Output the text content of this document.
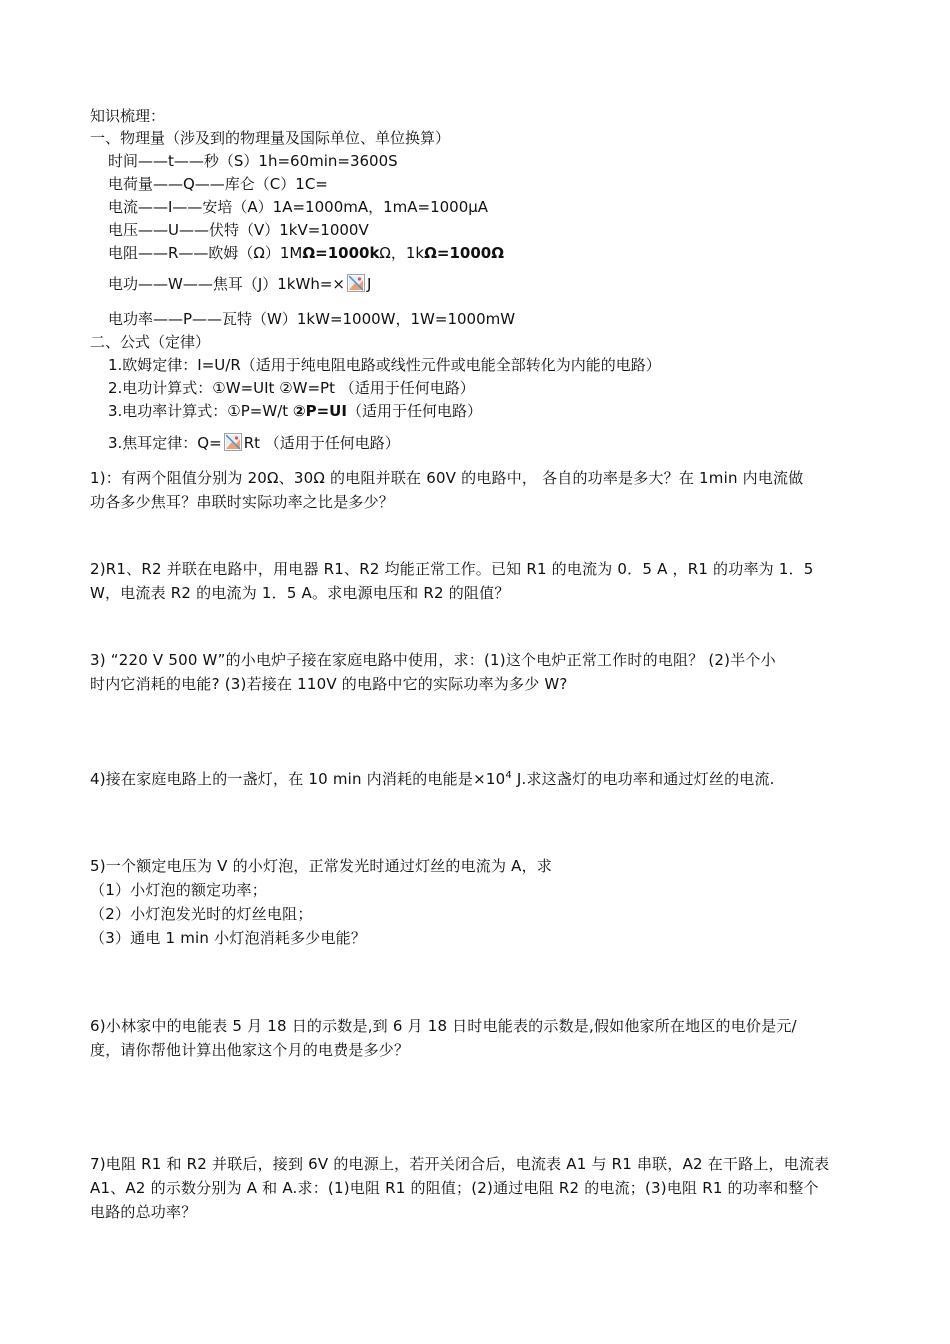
知识梳理：
一、物理量（涉及到的物理量及国际单位、单位换算）
时间——t——秒（S）1h=60min=3600S
电荷量——Q——库仑（C）1C=
电流——I——安培（A）1A=1000mA，1mA=1000μA
电压——U——伏特（V）1kV=1000V
电阻——R——欧姆（Ω）1MΩ=1000kΩ，1kΩ=1000Ω
电功——W——焦耳（J）1kWh=× J
电功率——P——瓦特（W）1kW=1000W，1W=1000mW
二、公式（定律）
1.欧姆定律：I=U/R（适用于纯电阻电路或线性元件或电能全部转化为内能的电路）
2.电功计算式：①W=UIt ②W=Pt （适用于任何电路）
3.电功率计算式：①P=W/t ②P=UI（适用于任何电路）
3.焦耳定律：Q= Rt （适用于任何电路）
1)：有两个阻值分别为 20Ω、30Ω 的电阻并联在 60V 的电路中， 各自的功率是多大？在 1min 内电流做
功各多少焦耳？串联时实际功率之比是多少？
2)R1、R2 并联在电路中，用电器 R1、R2 均能正常工作。已知 R1 的电流为 0．5 A ，R1 的功率为 1．5
W，电流表 R2 的电流为 1．5 A。求电源电压和 R2 的阻值？
3) “220 V 500 W”的小电炉子接在家庭电路中使用，求：(1)这个电炉正常工作时的电阻？ (2)半个小
时内它消耗的电能? (3)若接在 110V 的电路中它的实际功率为多少 W?
4)接在家庭电路上的一盏灯，在 10 min 内消耗的电能是$\times 10^4$ J.求这盏灯的电功率和通过灯丝的电流.
5)一个额定电压为 V 的小灯泡，正常发光时通过灯丝的电流为 A，求
（1）小灯泡的额定功率；
（2）小灯泡发光时的灯丝电阻；
（3）通电 1 min 小灯泡消耗多少电能？
6)小林家中的电能表 5 月 18 日的示数是,到 6 月 18 日时电能表的示数是,假如他家所在地区的电价是元/
度，请你帮他计算出他家这个月的电费是多少？
7)电阻 R1 和 R2 并联后，接到 6V 的电源上，若开关闭合后，电流表 A1 与 R1 串联，A2 在干路上，电流表
A1、A2 的示数分别为 A 和 A.求：(1)电阻 R1 的阻值；(2)通过电阻 R2 的电流；(3)电阻 R1 的功率和整个
电路的总功率？
